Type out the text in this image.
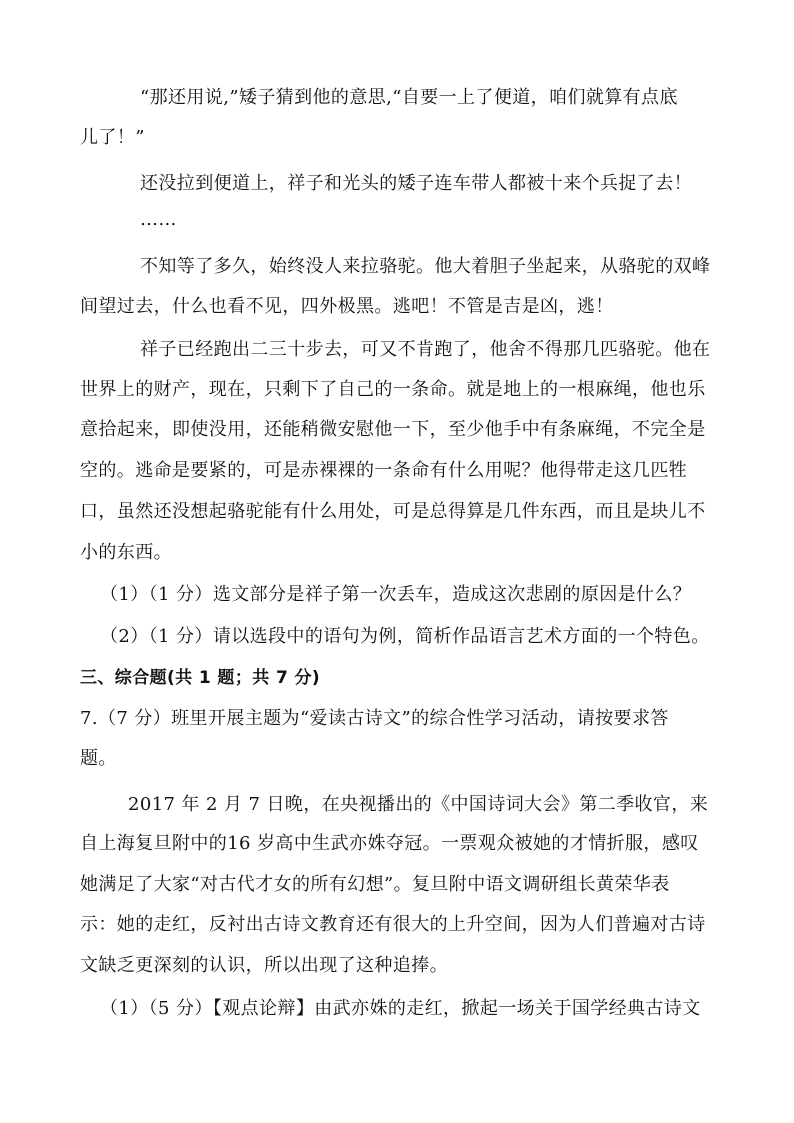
“那还用说,”矮子猜到他的意思,“自要一上了便道，咱们就算有点底
儿了！”
还没拉到便道上，祥子和光头的矮子连车带人都被十来个兵捉了去！
……
不知等了多久，始终没人来拉骆驼。他大着胆子坐起来，从骆驼的双峰
间望过去，什么也看不见，四外极黑。逃吧！不管是吉是凶，逃！
祥子已经跑出二三十步去，可又不肯跑了，他舍不得那几匹骆驼。他在
世界上的财产，现在，只剩下了自己的一条命。就是地上的一根麻绳，他也乐
意拾起来，即使没用，还能稍微安慰他一下，至少他手中有条麻绳，不完全是
空的。逃命是要紧的，可是赤裸裸的一条命有什么用呢？他得带走这几匹牲
口，虽然还没想起骆驼能有什么用处，可是总得算是几件东西，而且是块儿不
小的东西。
（1）（1 分）选文部分是祥子第一次丢车，造成这次悲剧的原因是什么？
（2）（1 分）请以选段中的语句为例，简析作品语言艺术方面的一个特色。
三、综合题(共 1 题；共 7 分)
7.（7 分）班里开展主题为“爱读古诗文”的综合性学习活动，请按要求答
题。
2017 年 2 月 7 日晚，在央视播出的《中国诗词大会》第二季收官，来
自上海复旦附中的16 岁高中生武亦姝夺冠。一票观众被她的才情折服，感叹
她满足了大家“对古代才女的所有幻想”。复旦附中语文调研组长黄荣华表
示：她的走红，反衬出古诗文教育还有很大的上升空间，因为人们普遍对古诗
文缺乏更深刻的认识，所以出现了这种追捧。
（1）（5 分）【观点论辩】由武亦姝的走红，掀起一场关于国学经典古诗文
